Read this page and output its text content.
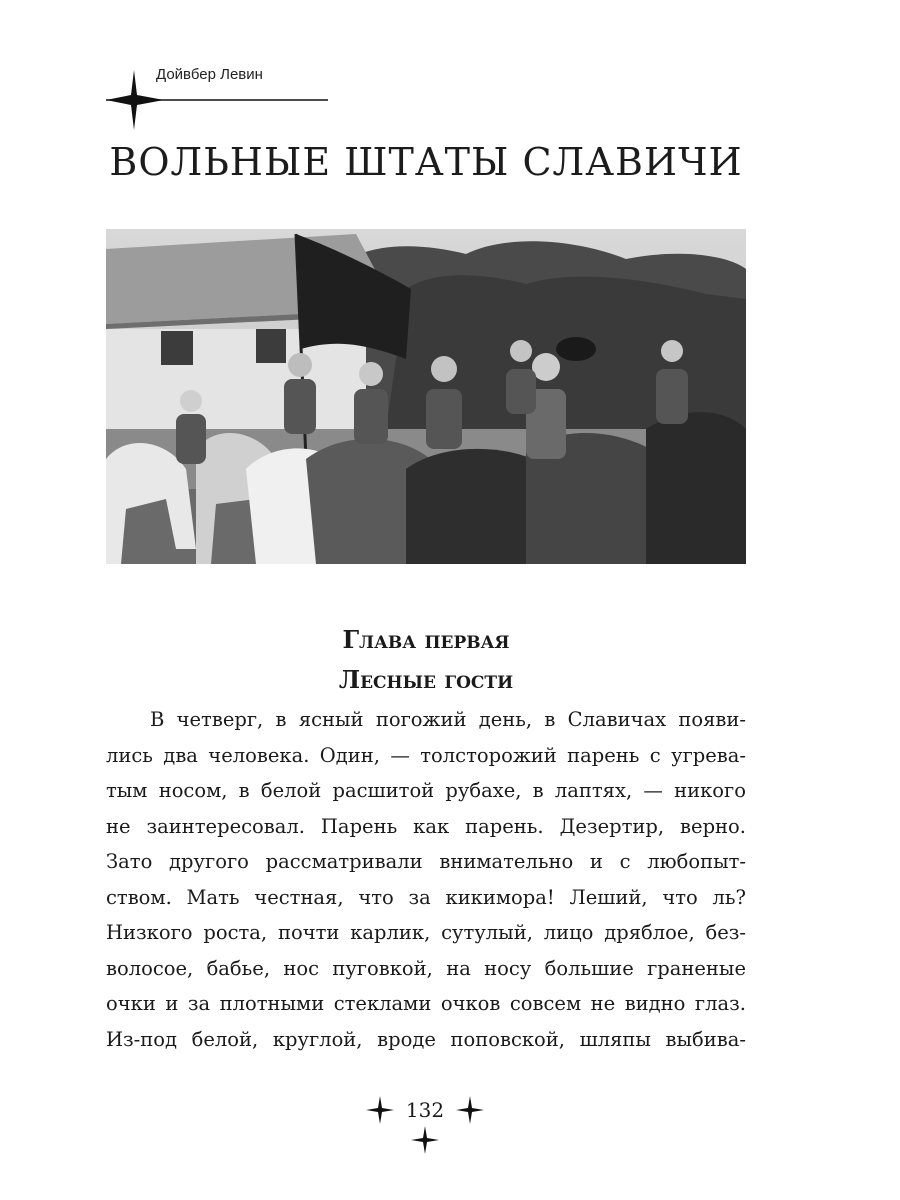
Дойвбер Левин
ВОЛЬНЫЕ ШТАТЫ СЛАВИЧИ
Глава первая
Лесные гости
В четверг, в ясный погожий день, в Славичах появи-
лись два человека. Один, — толсторожий парень с угрева-
тым носом, в белой расшитой рубахе, в лаптях, — никого
не заинтересовал. Парень как парень. Дезертир, верно.
Зато другого рассматривали внимательно и с любопыт-
ством. Мать честная, что за кикимора! Леший, что ль?
Низкого роста, почти карлик, сутулый, лицо дряблое, без-
волосое, бабье, нос пуговкой, на носу большие граненые
очки и за плотными стеклами очков совсем не видно глаз.
Из-под белой, круглой, вроде поповской, шляпы выбива-
132
